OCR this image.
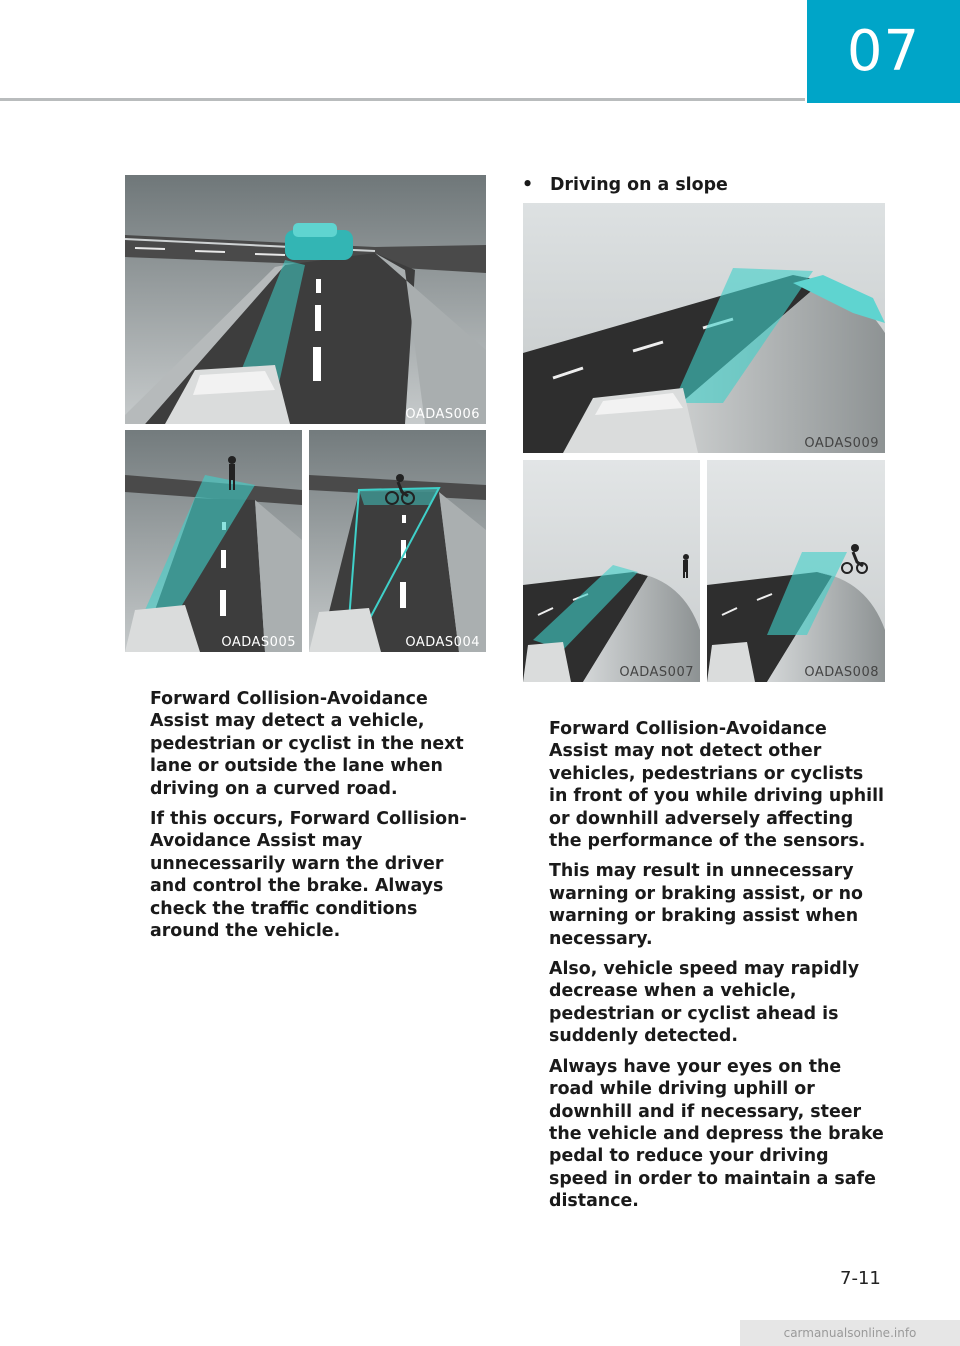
07
OADAS006
OADAS005	OADAS004

Forward Collision-Avoidance Assist may detect a vehicle, pedestrian or cyclist in the next lane or outside the lane when driving on a curved road.

If this occurs, Forward Collision-Avoidance Assist may unnecessarily warn the driver and control the brake. Always check the traffic conditions around the vehicle.

• Driving on a slope
OADAS009
OADAS007	OADAS008

Forward Collision-Avoidance Assist may not detect other vehicles, pedestrians or cyclists in front of you while driving uphill or downhill adversely affecting the performance of the sensors.

This may result in unnecessary warning or braking assist, or no warning or braking assist when necessary.

Also, vehicle speed may rapidly decrease when a vehicle, pedestrian or cyclist ahead is suddenly detected.

Always have your eyes on the road while driving uphill or downhill and if necessary, steer the vehicle and depress the brake pedal to reduce your driving speed in order to maintain a safe distance.

7-11
carmanualsonline.info
